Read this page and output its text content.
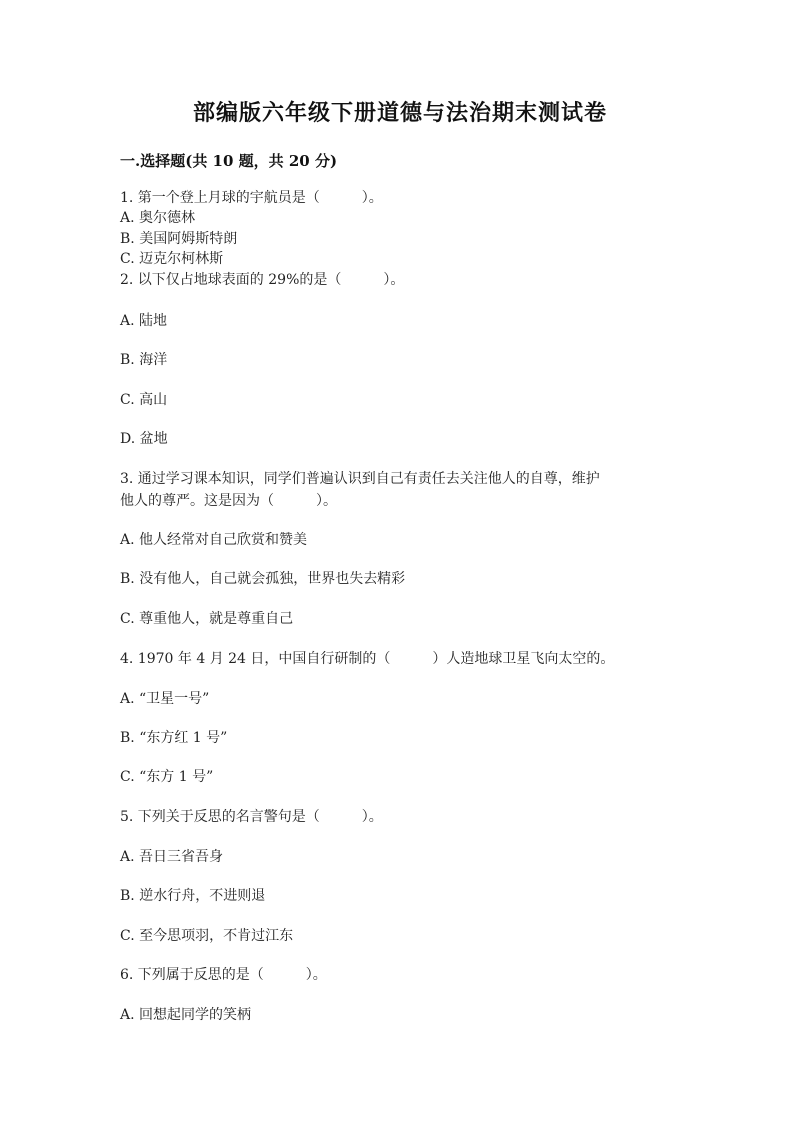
部编版六年级下册道德与法治期末测试卷
一.选择题(共 10 题，共 20 分)
1. 第一个登上月球的宇航员是（　　　）。
A. 奥尔德林
B. 美国阿姆斯特朗
C. 迈克尔柯林斯
2. 以下仅占地球表面的 29%的是（　　　）。
A. 陆地
B. 海洋
C. 高山
D. 盆地
3. 通过学习课本知识，同学们普遍认识到自己有责任去关注他人的自尊，维护
他人的尊严。这是因为（　　　）。
A. 他人经常对自己欣赏和赞美
B. 没有他人，自己就会孤独，世界也失去精彩
C. 尊重他人，就是尊重自己
4. 1970 年 4 月 24 日，中国自行研制的（　　　）人造地球卫星飞向太空的。
A. “卫星一号”
B. “东方红 1 号”
C. “东方 1 号”
5. 下列关于反思的名言警句是（　　　）。
A. 吾日三省吾身
B. 逆水行舟，不进则退
C. 至今思项羽，不肯过江东
6. 下列属于反思的是（　　　）。
A. 回想起同学的笑柄
